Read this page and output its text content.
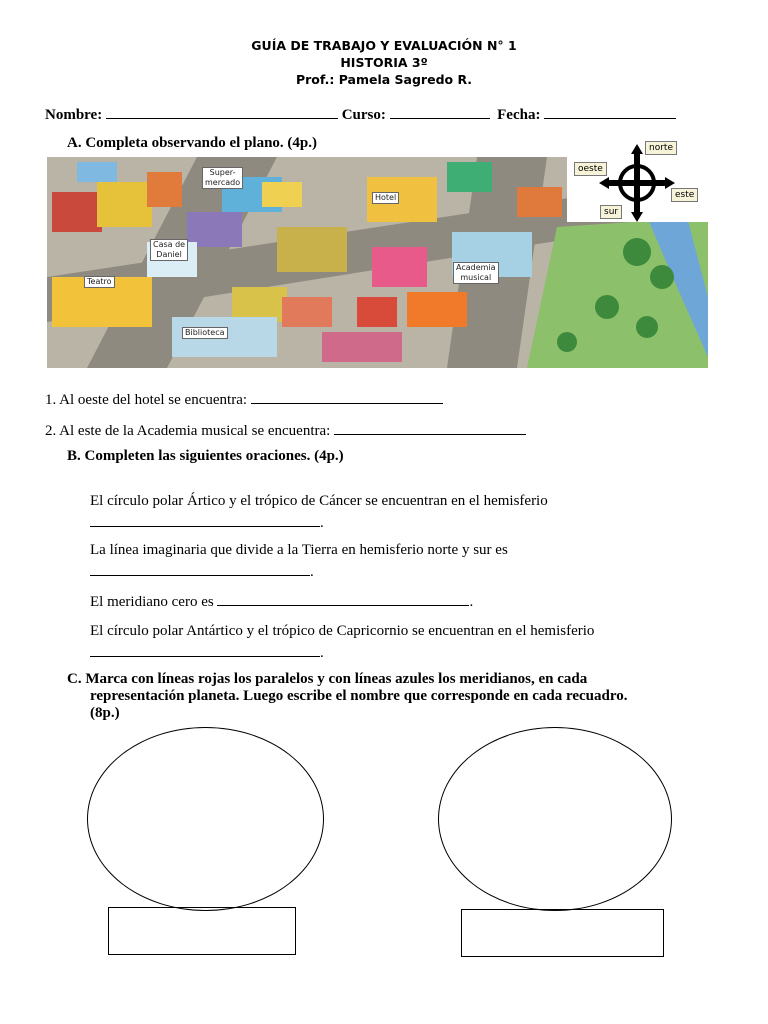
GUÍA DE TRABAJO Y EVALUACIÓN N° 1
HISTORIA 3º
Prof.: Pamela Sagredo R.
Nombre:	Curso:	Fecha:
A. Completa observando el plano. (4p.)
Super-
mercado
Hotel
Casa de
Daniel
Teatro
Academia
musical
Biblioteca
norte
oeste
este
sur
1. Al oeste del hotel se encuentra:
2. Al este de la Academia musical se encuentra:
B. Completen las siguientes oraciones. (4p.)
El círculo polar Ártico y el trópico de Cáncer se encuentran en el hemisferio
.
La línea imaginaria que divide a la Tierra en hemisferio norte y sur es
.
El meridiano cero es	.
El círculo polar Antártico y el trópico de Capricornio se encuentran en el hemisferio
.
C. Marca con líneas rojas los paralelos y con líneas azules los meridianos, en cada
representación planeta. Luego escribe el nombre que corresponde en cada recuadro.
(8p.)
